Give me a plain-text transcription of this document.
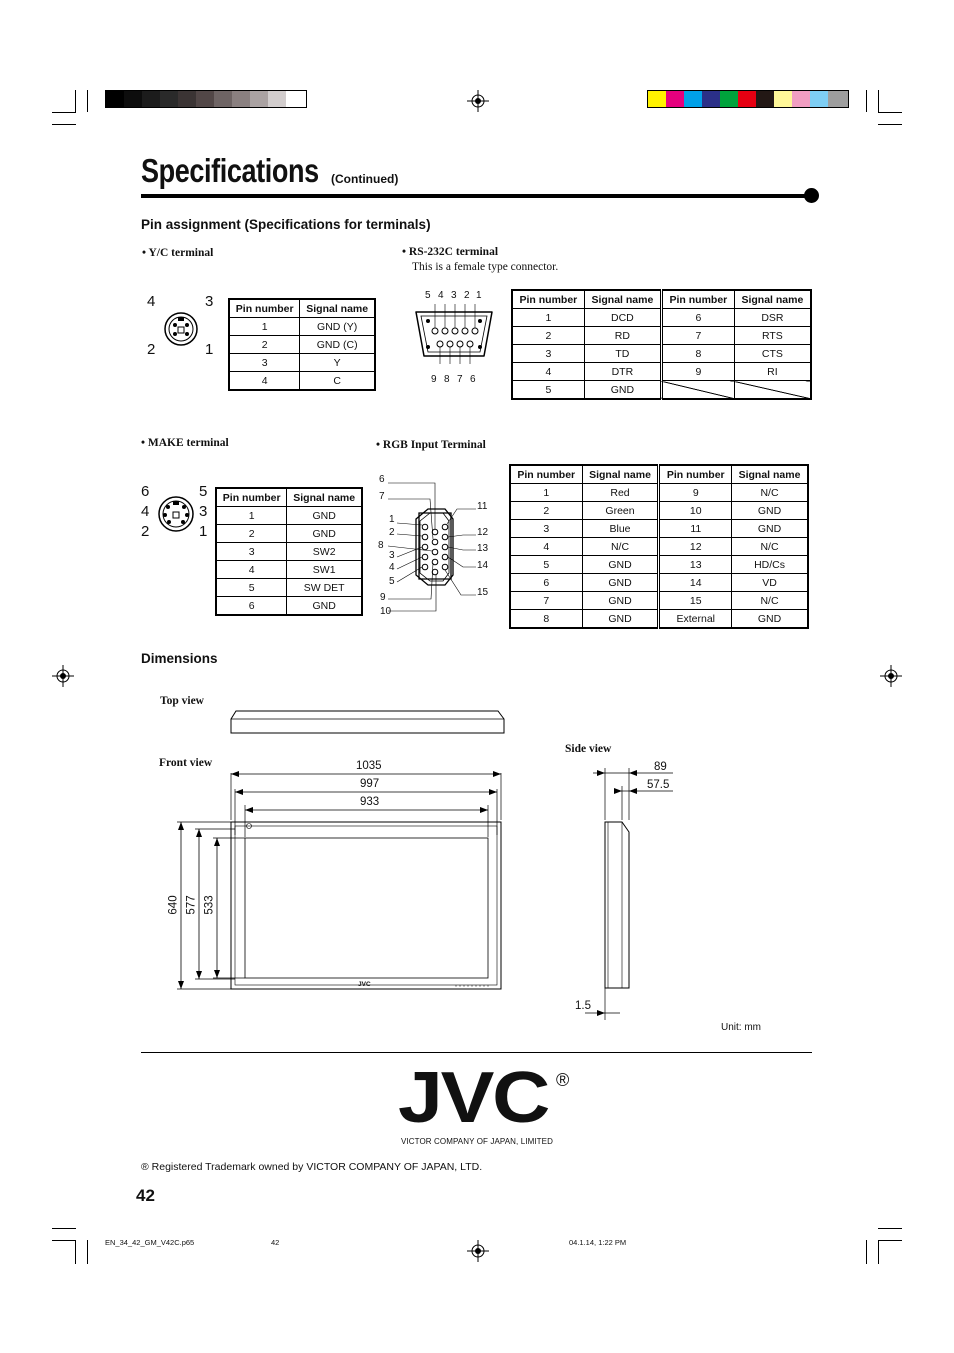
Specifications	(Continued)
Pin assignment (Specifications for terminals)
• Y/C terminal
4	3
2	1
Pin number	Signal name
1	GND (Y)
2	GND (C)
3	Y
4	C
• RS-232C terminal
This is a female type connector.
5 4 3 2 1
9 8 7 6
Pin number	Signal name	Pin number	Signal name
1	DCD	6	DSR
2	RD	7	RTS
3	TD	8	CTS
4	DTR	9	RI
5	GND		
• MAKE terminal
6	5
4	3
2	1
Pin number	Signal name
1	GND
2	GND
3	SW2
4	SW1
5	SW DET
6	GND
• RGB Input Terminal
6
7
1
2
8
3
4
5
9
10
11
12
13
14
15
Pin number	Signal name	Pin number	Signal name
1	Red	9	N/C
2	Green	10	GND
3	Blue	11	GND
4	N/C	12	N/C
5	GND	13	HD/Cs
6	GND	14	VD
7	GND	15	N/C
8	GND	External	GND
Dimensions
Top view
Front view
Side view
1035
997
933
640 577 533
JVC
89
57.5
1.5
Unit: mm
JVC ®
VICTOR COMPANY OF JAPAN, LIMITED
® Registered Trademark owned by VICTOR COMPANY OF JAPAN, LTD.
42
EN_34_42_GM_V42C.p65	42	04.1.14, 1:22 PM
